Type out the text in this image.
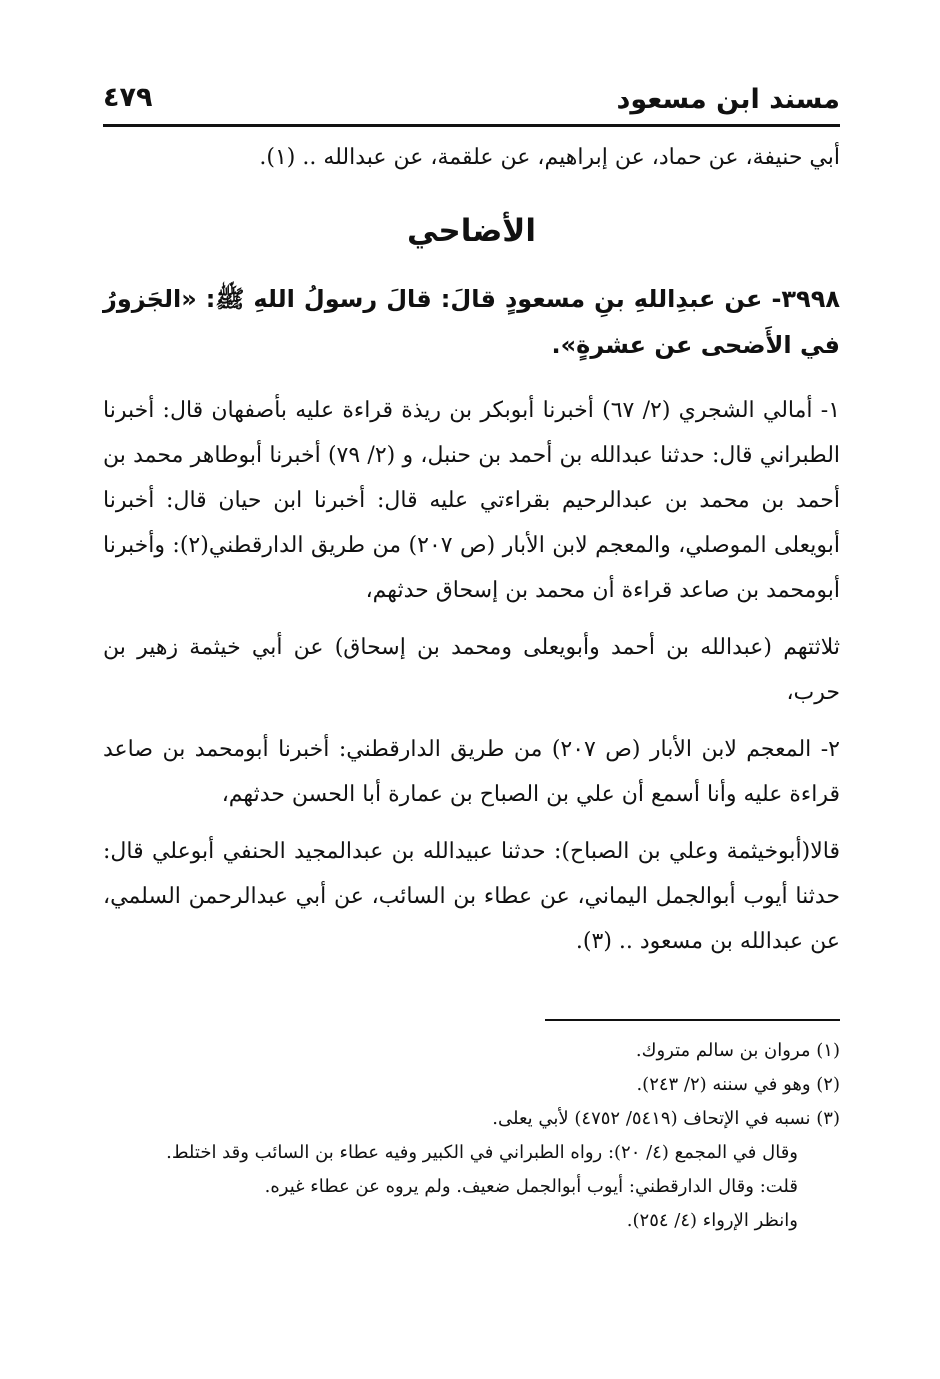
مسند ابن مسعود
٤٧٩

أبي حنيفة، عن حماد، عن إبراهيم، عن علقمة، عن عبدالله .. (١).

الأضاحي

٣٩٩٨- عن عبدِاللهِ بنِ مسعودٍ قالَ: قالَ رسولُ اللهِ ﷺ: «الجَزورُ في الأَضحى عن عشرةٍ».

١- أمالي الشجري (٢/ ٦٧) أخبرنا أبوبكر بن ريذة قراءة عليه بأصفهان قال: أخبرنا الطبراني قال: حدثنا عبدالله بن أحمد بن حنبل، و (٢/ ٧٩) أخبرنا أبوطاهر محمد بن أحمد بن محمد بن عبدالرحيم بقراءتي عليه قال: أخبرنا ابن حيان قال: أخبرنا أبويعلى الموصلي، والمعجم لابن الأبار (ص ٢٠٧) من طريق الدارقطني(٢): وأخبرنا أبومحمد بن صاعد قراءة أن محمد بن إسحاق حدثهم،

ثلاثتهم (عبدالله بن أحمد وأبويعلى ومحمد بن إسحاق) عن أبي خيثمة زهير بن حرب،

٢- المعجم لابن الأبار (ص ٢٠٧) من طريق الدارقطني: أخبرنا أبومحمد بن صاعد قراءة عليه وأنا أسمع أن علي بن الصباح بن عمارة أبا الحسن حدثهم،

قالا(أبوخيثمة وعلي بن الصباح): حدثنا عبيدالله بن عبدالمجيد الحنفي أبوعلي قال: حدثنا أيوب أبوالجمل اليماني، عن عطاء بن السائب، عن أبي عبدالرحمن السلمي، عن عبدالله بن مسعود .. (٣).

(١) مروان بن سالم متروك.

(٢) وهو في سننه (٢/ ٢٤٣).

(٣) نسبه في الإتحاف (٥٤١٩/ ٤٧٥٢) لأبي يعلى.

وقال في المجمع (٤/ ٢٠): رواه الطبراني في الكبير وفيه عطاء بن السائب وقد اختلط.

قلت: وقال الدارقطني: أيوب أبوالجمل ضعيف. ولم يروه عن عطاء غيره.

وانظر الإرواء (٤/ ٢٥٤).
